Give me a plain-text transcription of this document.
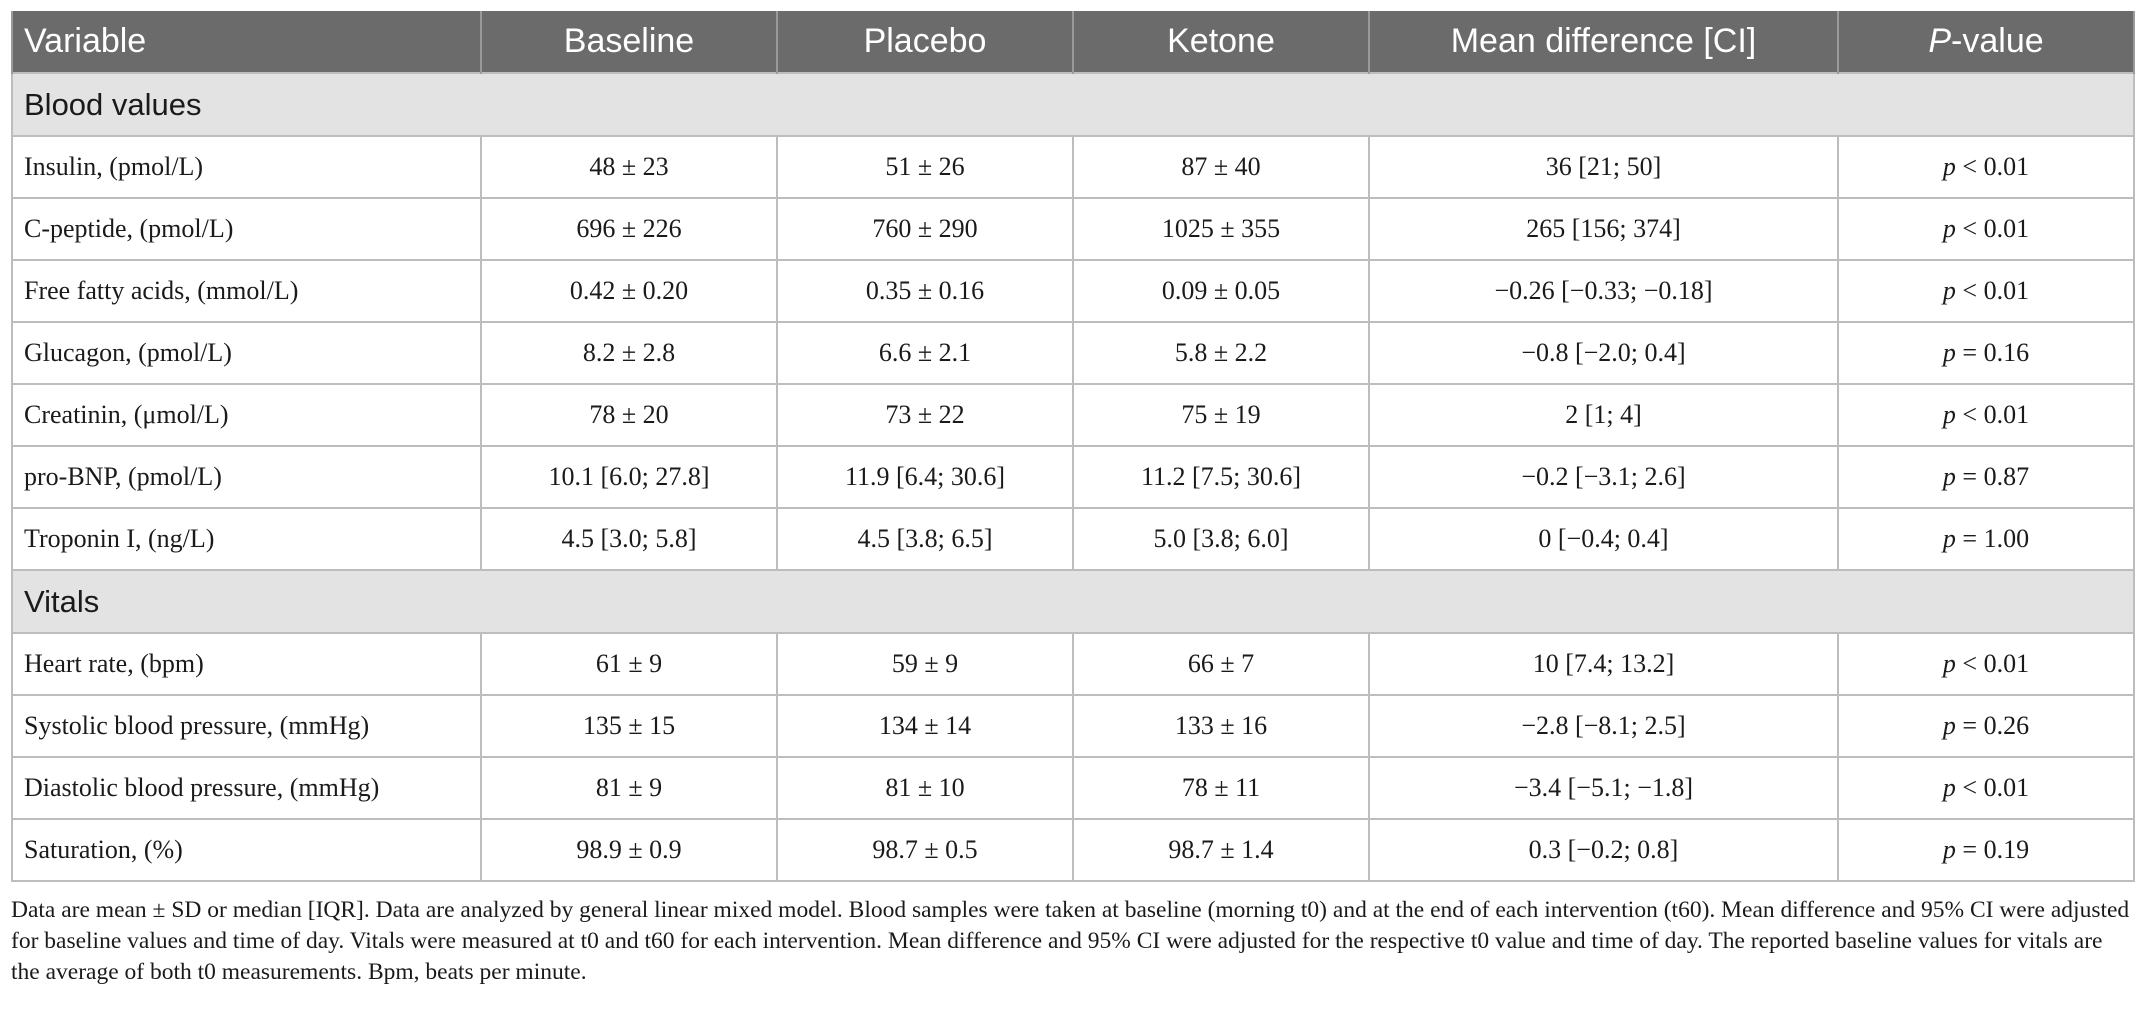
Variable	Baseline	Placebo	Ketone	Mean difference [CI]	P-value
Blood values					
Insulin, (pmol/L)	48 ± 23	51 ± 26	87 ± 40	36 [21; 50]	p < 0.01
C-peptide, (pmol/L)	696 ± 226	760 ± 290	1025 ± 355	265 [156; 374]	p < 0.01
Free fatty acids, (mmol/L)	0.42 ± 0.20	0.35 ± 0.16	0.09 ± 0.05	−0.26 [−0.33; −0.18]	p < 0.01
Glucagon, (pmol/L)	8.2 ± 2.8	6.6 ± 2.1	5.8 ± 2.2	−0.8 [−2.0; 0.4]	p = 0.16
Creatinin, (μmol/L)	78 ± 20	73 ± 22	75 ± 19	2 [1; 4]	p < 0.01
pro-BNP, (pmol/L)	10.1 [6.0; 27.8]	11.9 [6.4; 30.6]	11.2 [7.5; 30.6]	−0.2 [−3.1; 2.6]	p = 0.87
Troponin I, (ng/L)	4.5 [3.0; 5.8]	4.5 [3.8; 6.5]	5.0 [3.8; 6.0]	0 [−0.4; 0.4]	p = 1.00
Vitals					
Heart rate, (bpm)	61 ± 9	59 ± 9	66 ± 7	10 [7.4; 13.2]	p < 0.01
Systolic blood pressure, (mmHg)	135 ± 15	134 ± 14	133 ± 16	−2.8 [−8.1; 2.5]	p = 0.26
Diastolic blood pressure, (mmHg)	81 ± 9	81 ± 10	78 ± 11	−3.4 [−5.1; −1.8]	p < 0.01
Saturation, (%)	98.9 ± 0.9	98.7 ± 0.5	98.7 ± 1.4	0.3 [−0.2; 0.8]	p = 0.19
Data are mean ± SD or median [IQR]. Data are analyzed by general linear mixed model. Blood samples were taken at baseline (morning t0) and at the end of each intervention (t60). Mean difference and 95% CI were adjusted for baseline values and time of day. Vitals were measured at t0 and t60 for each intervention. Mean difference and 95% CI were adjusted for the respective t0 value and time of day. The reported baseline values for vitals are the average of both t0 measurements. Bpm, beats per minute.
